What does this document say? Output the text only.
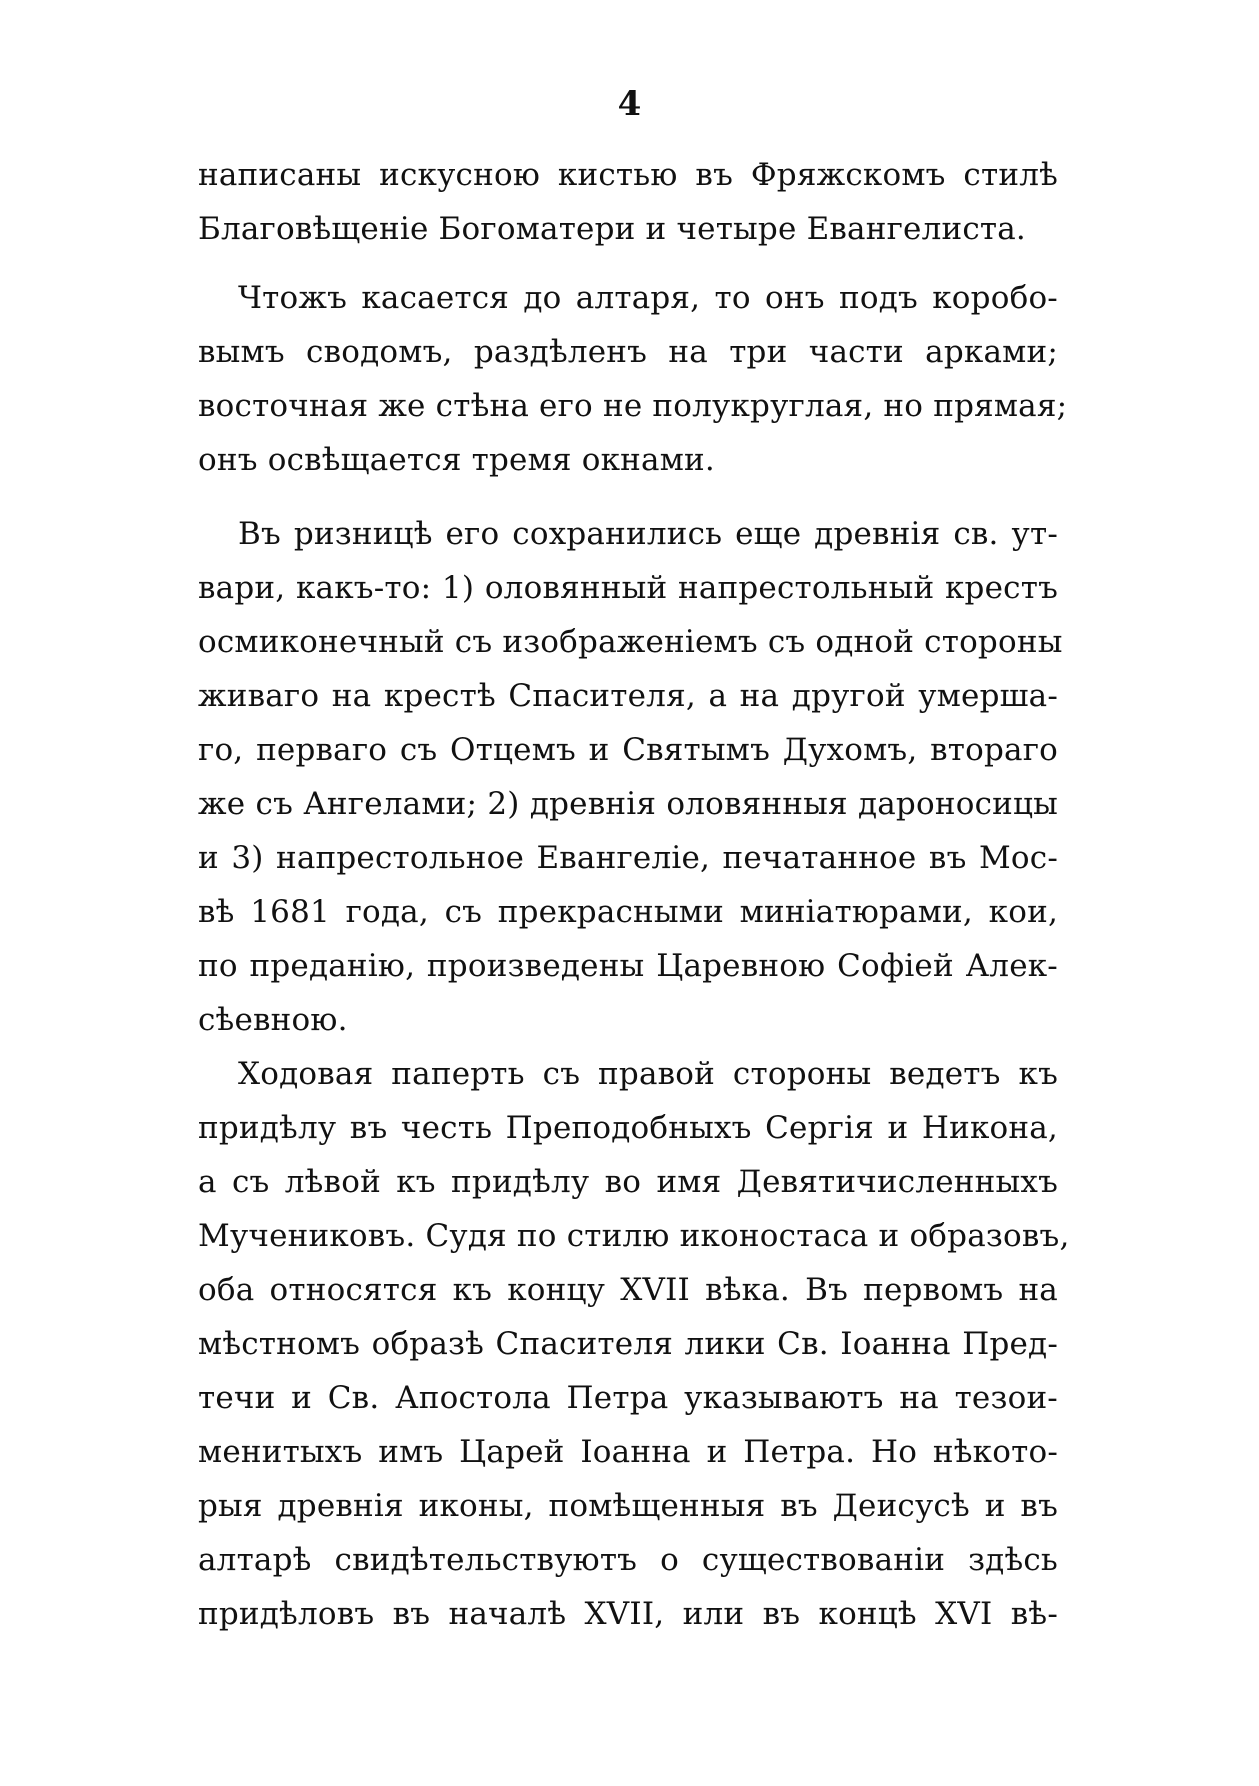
4
написаны искусною кистью въ Фряжскомъ стилѣ
Благовѣщеніе Богоматери и четыре Евангелиста.
Чтожъ касается до алтаря, то онъ подъ коробо-
вымъ сводомъ, раздѣленъ на три части арками;
восточная же стѣна его не полукруглая, но прямая;
онъ освѣщается тремя окнами.
Въ ризницѣ его сохранились еще древнія св. ут-
вари, какъ-то: 1) оловянный напрестольный крестъ
осмиконечный съ изображеніемъ съ одной стороны
живаго на крестѣ Спасителя, а на другой умерша-
го, перваго съ Отцемъ и Святымъ Духомъ, втораго
же съ Ангелами; 2) древнія оловянныя дароносицы
и 3) напрестольное Евангеліе, печатанное въ Мос-
вѣ 1681 года, съ прекрасными миніатюрами, кои,
по преданію, произведены Царевною Софіей Алек-
сѣевною.
Ходовая паперть съ правой стороны ведетъ къ
придѣлу въ честь Преподобныхъ Сергія и Никона,
а съ лѣвой къ придѣлу во имя Девятичисленныхъ
Мучениковъ. Судя по стилю иконостаса и образовъ,
оба относятся къ концу XVII вѣка. Въ первомъ на
мѣстномъ образѣ Спасителя лики Св. Іоанна Пред-
течи и Св. Апостола Петра указываютъ на тезои-
менитыхъ имъ Царей Іоанна и Петра. Но нѣкото-
рыя древнія иконы, помѣщенныя въ Деисусѣ и въ
алтарѣ свидѣтельствуютъ о существованіи здѣсь
придѣловъ въ началѣ XVII, или въ концѣ XVI вѣ-
